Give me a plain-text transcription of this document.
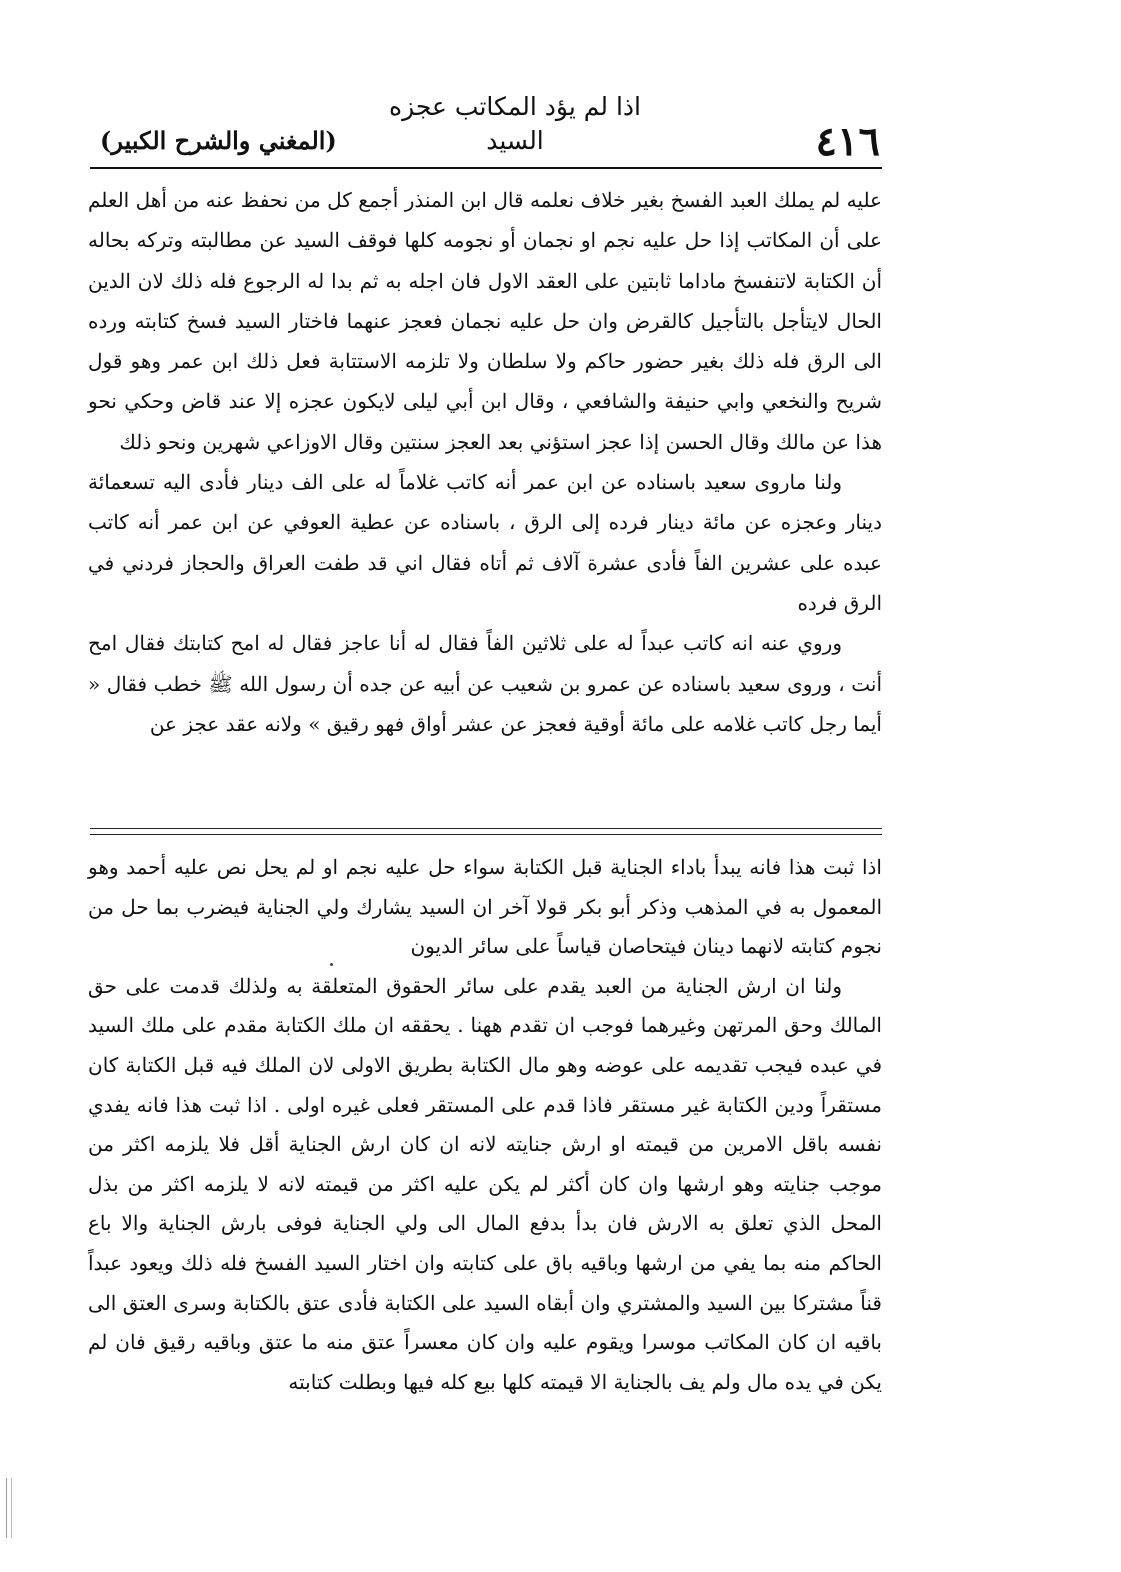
٤١٦
اذا لم يؤد المكاتب عجزه السيد
(المغني والشرح الكبير)

عليه لم يملك العبد الفسخ بغير خلاف نعلمه قال ابن المنذر أجمع كل من نحفظ عنه من أهل العلم على أن المكاتب إذا حل عليه نجم او نجمان أو نجومه كلها فوقف السيد عن مطالبته وتركه بحاله أن الكتابة لاتنفسخ ماداما ثابتين على العقد الاول فان اجله به ثم بدا له الرجوع فله ذلك لان الدين الحال لايتأجل بالتأجيل كالقرض وان حل عليه نجمان فعجز عنهما فاختار السيد فسخ كتابته ورده الى الرق فله ذلك بغير حضور حاكم ولا سلطان ولا تلزمه الاستتابة فعل ذلك ابن عمر وهو قول شريح والنخعي وابي حنيفة والشافعي ، وقال ابن أبي ليلى لايكون عجزه إلا عند قاض وحكي نحو هذا عن مالك وقال الحسن إذا عجز استؤني بعد العجز سنتين وقال الاوزاعي شهرين ونحو ذلك

ولنا ماروى سعيد باسناده عن ابن عمر أنه كاتب غلاماً له على الف دينار فأدى اليه تسعمائة دينار وعجزه عن مائة دينار فرده إلى الرق ، باسناده عن عطية العوفي عن ابن عمر أنه كاتب عبده على عشرين الفاً فأدى عشرة آلاف ثم أتاه فقال اني قد طفت العراق والحجاز فردني في الرق فرده

وروي عنه انه كاتب عبداً له على ثلاثين الفاً فقال له أنا عاجز فقال له امح كتابتك فقال امح أنت ، وروى سعيد باسناده عن عمرو بن شعيب عن أبيه عن جده أن رسول الله ﷺ خطب فقال « أيما رجل كاتب غلامه على مائة أوقية فعجز عن عشر أواق فهو رقيق » ولانه عقد عجز عن

اذا ثبت هذا فانه يبدأ باداء الجناية قبل الكتابة سواء حل عليه نجم او لم يحل نص عليه أحمد وهو المعمول به في المذهب وذكر أبو بكر قولا آخر ان السيد يشارك ولي الجناية فيضرب بما حل من نجوم كتابته لانهما دينان فيتحاصان قياساً على سائر الديون

ولنا ان ارش الجناية من العبد يقدم على سائر الحقوق المتعلقة به ولذلك قدمت على حق المالك وحق المرتهن وغيرهما فوجب ان تقدم ههنا . يحققه ان ملك الكتابة مقدم على ملك السيد في عبده فيجب تقديمه على عوضه وهو مال الكتابة بطريق الاولى لان الملك فيه قبل الكتابة كان مستقراً ودين الكتابة غير مستقر فاذا قدم على المستقر فعلى غيره اولى . اذا ثبت هذا فانه يفدي نفسه باقل الامرين من قيمته او ارش جنايته لانه ان كان ارش الجناية أقل فلا يلزمه اكثر من موجب جنايته وهو ارشها وان كان أكثر لم يكن عليه اكثر من قيمته لانه لا يلزمه اكثر من بذل المحل الذي تعلق به الارش فان بدأ بدفع المال الى ولي الجناية فوفى بارش الجناية والا باع الحاكم منه بما يفي من ارشها وباقيه باق على كتابته وان اختار السيد الفسخ فله ذلك ويعود عبداً قناً مشتركا بين السيد والمشتري وان أبقاه السيد على الكتابة فأدى عتق بالكتابة وسرى العتق الى باقيه ان كان المكاتب موسرا ويقوم عليه وان كان معسراً عتق منه ما عتق وباقيه رقيق فان لم يكن في يده مال ولم يف بالجناية الا قيمته كلها بيع كله فيها وبطلت كتابته
